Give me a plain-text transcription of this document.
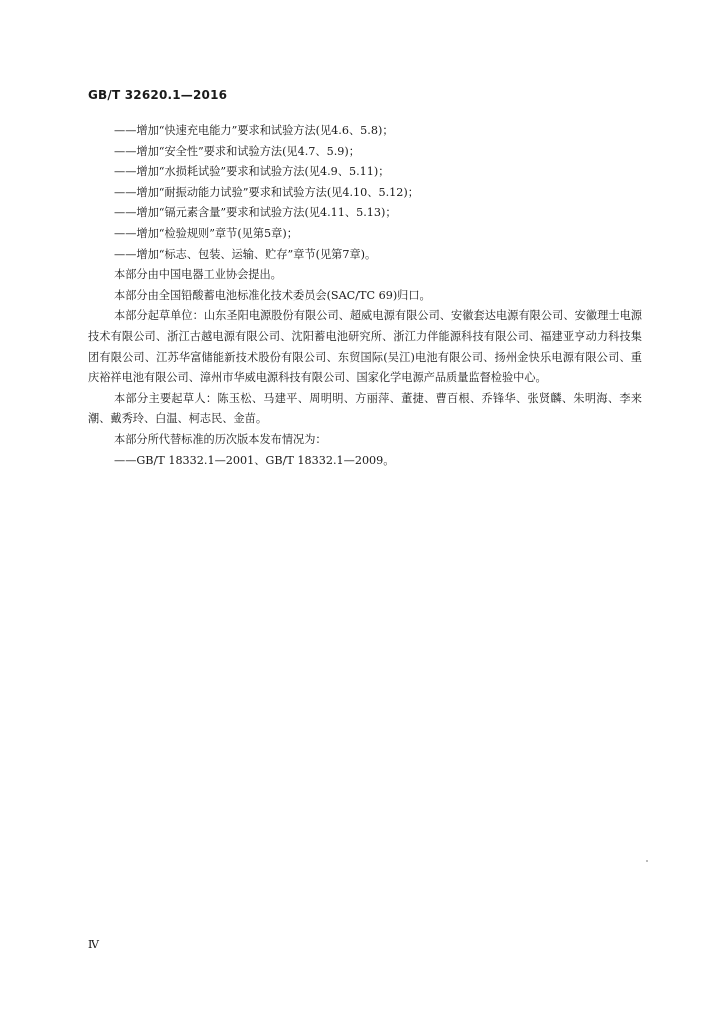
GB/T 32620.1—2016
——增加“快速充电能力”要求和试验方法(见4.6、5.8)；
——增加“安全性”要求和试验方法(见4.7、5.9)；
——增加“水损耗试验”要求和试验方法(见4.9、5.11)；
——增加“耐振动能力试验”要求和试验方法(见4.10、5.12)；
——增加“镉元素含量”要求和试验方法(见4.11、5.13)；
——增加“检验规则”章节(见第5章)；
——增加“标志、包装、运输、贮存”章节(见第7章)。

本部分由中国电器工业协会提出。

本部分由全国铅酸蓄电池标准化技术委员会(SAC/TC 69)归口。

本部分起草单位：山东圣阳电源股份有限公司、超威电源有限公司、安徽套达电源有限公司、安徽理士电源技术有限公司、浙江古越电源有限公司、沈阳蓄电池研究所、浙江力伴能源科技有限公司、福建亚亨动力科技集团有限公司、江苏华富储能新技术股份有限公司、东贸国际(吴江)电池有限公司、扬州金快乐电源有限公司、重庆裕祥电池有限公司、漳州市华威电源科技有限公司、国家化学电源产品质量监督检验中心。

本部分主要起草人：陈玉松、马建平、周明明、方丽萍、董捷、曹百根、乔锋华、张贤麟、朱明海、李来潮、戴秀玲、白温、柯志民、金苗。

本部分所代替标准的历次版本发布情况为：

——GB/T 18332.1—2001、GB/T 18332.1—2009。
Ⅳ
